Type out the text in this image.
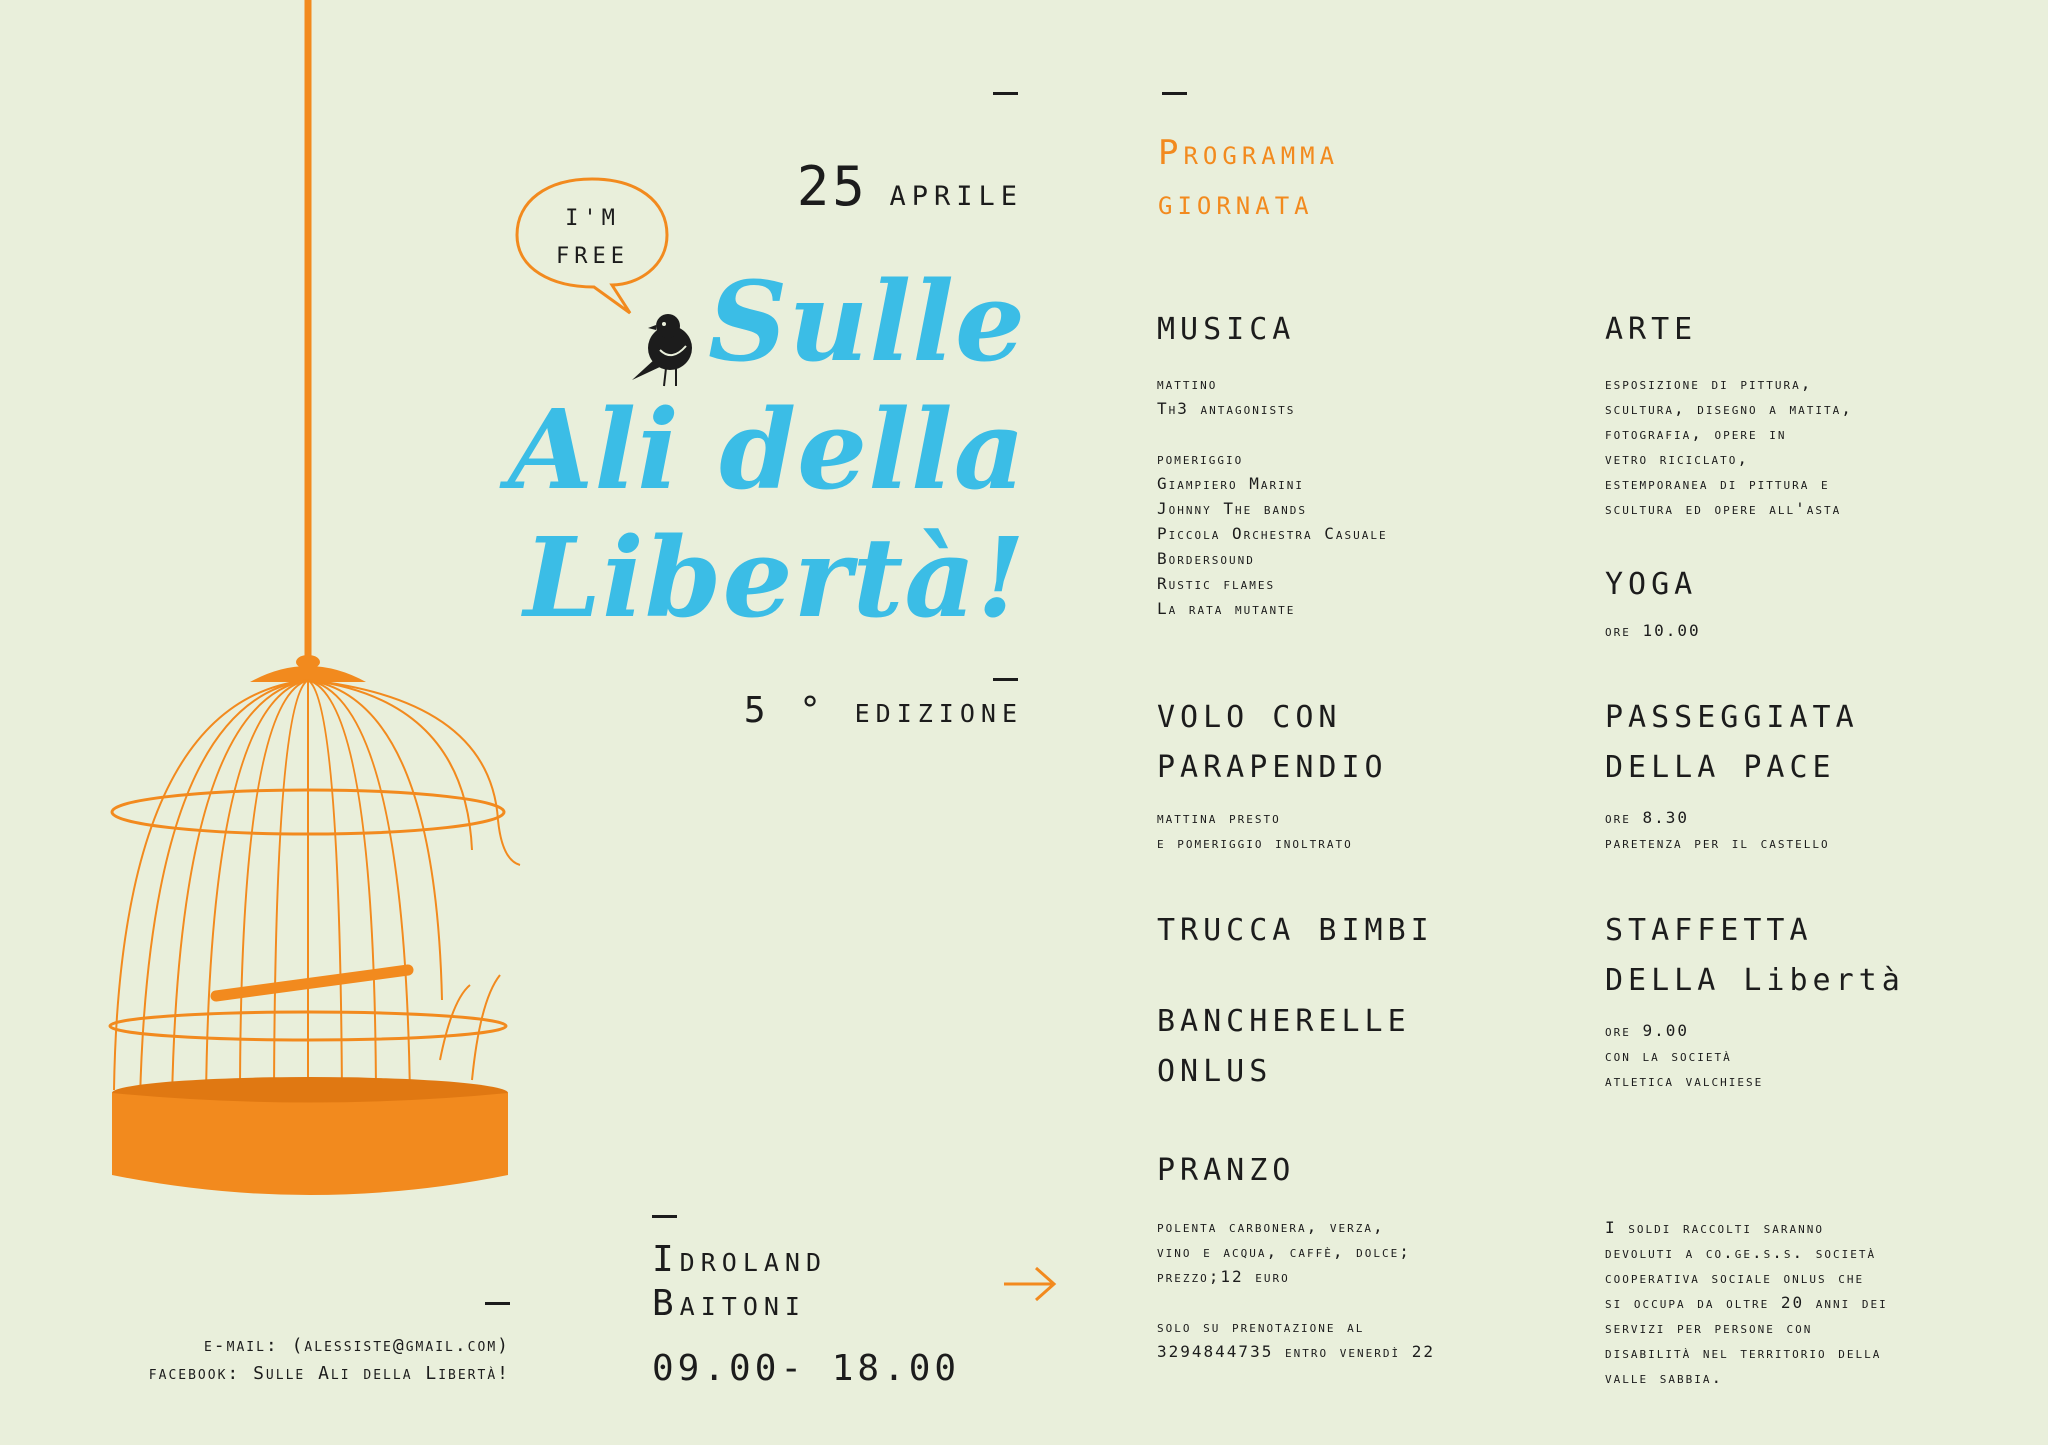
I'M
FREE
e-mail: (alessiste@gmail.com)
facebook: Sulle Ali della Libertà!
25 aprile
Sulle
Ali della
Libertà!
5 ° edizione
Idroland
Baitoni
09.00- 18.00
Programma
giornata
MUSICA
mattino
Th3 antagonists

pomeriggio
Giampiero Marini
Johnny The bands
Piccola Orchestra Casuale
Bordersound
Rustic flames
La rata mutante
ARTE
esposizione di pittura,
scultura, disegno a matita,
fotografia, opere in
vetro riciclato,
estemporanea di pittura e
scultura ed opere all'asta
YOGA
ore 10.00
VOLO CON
PARAPENDIO
mattina presto
e pomeriggio inoltrato
PASSEGGIATA
DELLA PACE
ore 8.30
paretenza per il castello
TRUCCA BIMBI	STAFFETTA
DELLA Libertà
ore 9.00
con la società
atletica valchiese
BANCHERELLE
ONLUS
PRANZO
polenta carbonera, verza,
vino e acqua, caffè, dolce;
prezzo;12 euro

solo su prenotazione al
3294844735 entro venerdì 22
I soldi raccolti saranno
devoluti a co.ge.s.s. società
cooperativa sociale onlus che
si occupa da oltre 20 anni dei
servizi per persone con
disabilità nel territorio della
valle sabbia.
